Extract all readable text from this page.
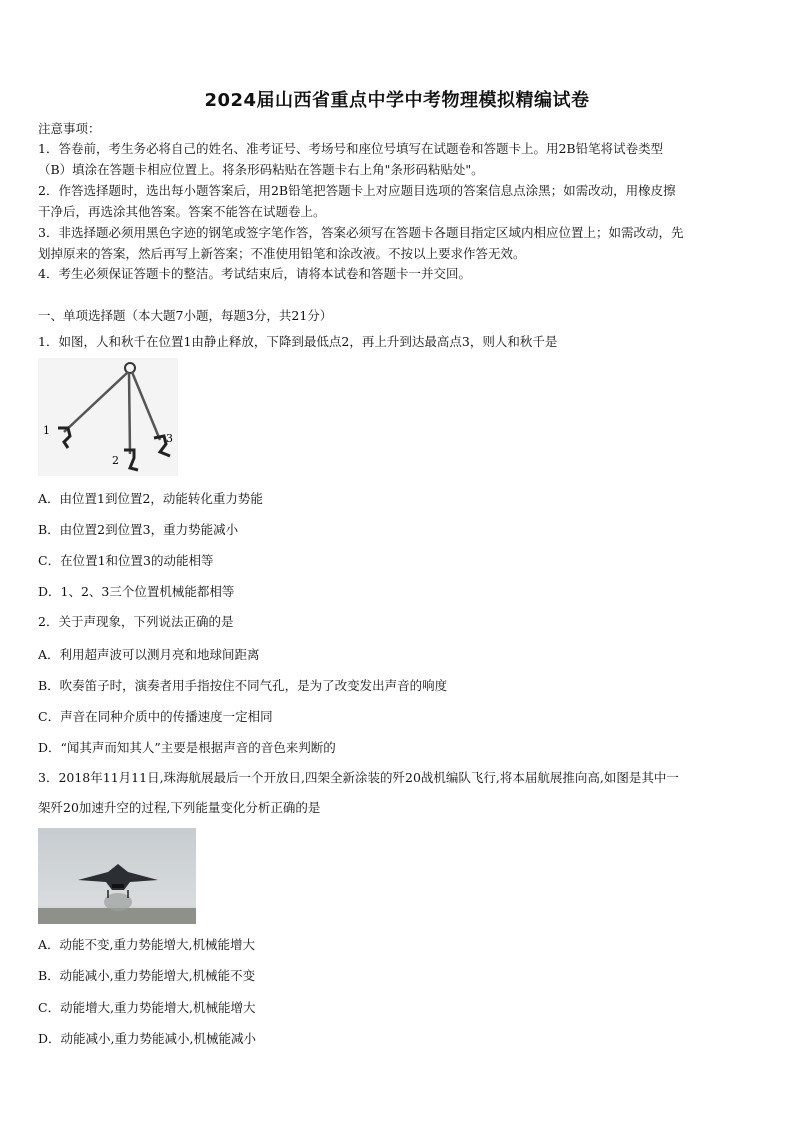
2024届山西省重点中学中考物理模拟精编试卷
注意事项：
1．答卷前，考生务必将自己的姓名、准考证号、考场号和座位号填写在试题卷和答题卡上。用2B铅笔将试卷类型
（B）填涂在答题卡相应位置上。将条形码粘贴在答题卡右上角"条形码粘贴处"。
2．作答选择题时，选出每小题答案后，用2B铅笔把答题卡上对应题目选项的答案信息点涂黑；如需改动，用橡皮擦
干净后，再选涂其他答案。答案不能答在试题卷上。
3．非选择题必须用黑色字迹的钢笔或签字笔作答，答案必须写在答题卡各题目指定区域内相应位置上；如需改动，先
划掉原来的答案，然后再写上新答案；不准使用铅笔和涂改液。不按以上要求作答无效。
4．考生必须保证答题卡的整洁。考试结束后，请将本试卷和答题卡一并交回。
一、单项选择题（本大题7小题，每题3分，共21分）
1．如图，人和秋千在位置1由静止释放，下降到最低点2，再上升到达最高点3，则人和秋千是
1
2
3
A．由位置1到位置2，动能转化重力势能
B．由位置2到位置3，重力势能减小
C．在位置1和位置3的动能相等
D．1、2、3三个位置机械能都相等
2．关于声现象，下列说法正确的是
A．利用超声波可以测月亮和地球间距离
B．吹奏笛子时，演奏者用手指按住不同气孔，是为了改变发出声音的响度
C．声音在同种介质中的传播速度一定相同
D．“闻其声而知其人”主要是根据声音的音色来判断的
3．2018年11月11日,珠海航展最后一个开放日,四架全新涂装的歼20战机编队飞行,将本届航展推向高,如图是其中一
架歼20加速升空的过程,下列能量变化分析正确的是
A．动能不变,重力势能增大,机械能增大
B．动能减小,重力势能增大,机械能不变
C．动能增大,重力势能增大,机械能增大
D．动能减小,重力势能减小,机械能减小
